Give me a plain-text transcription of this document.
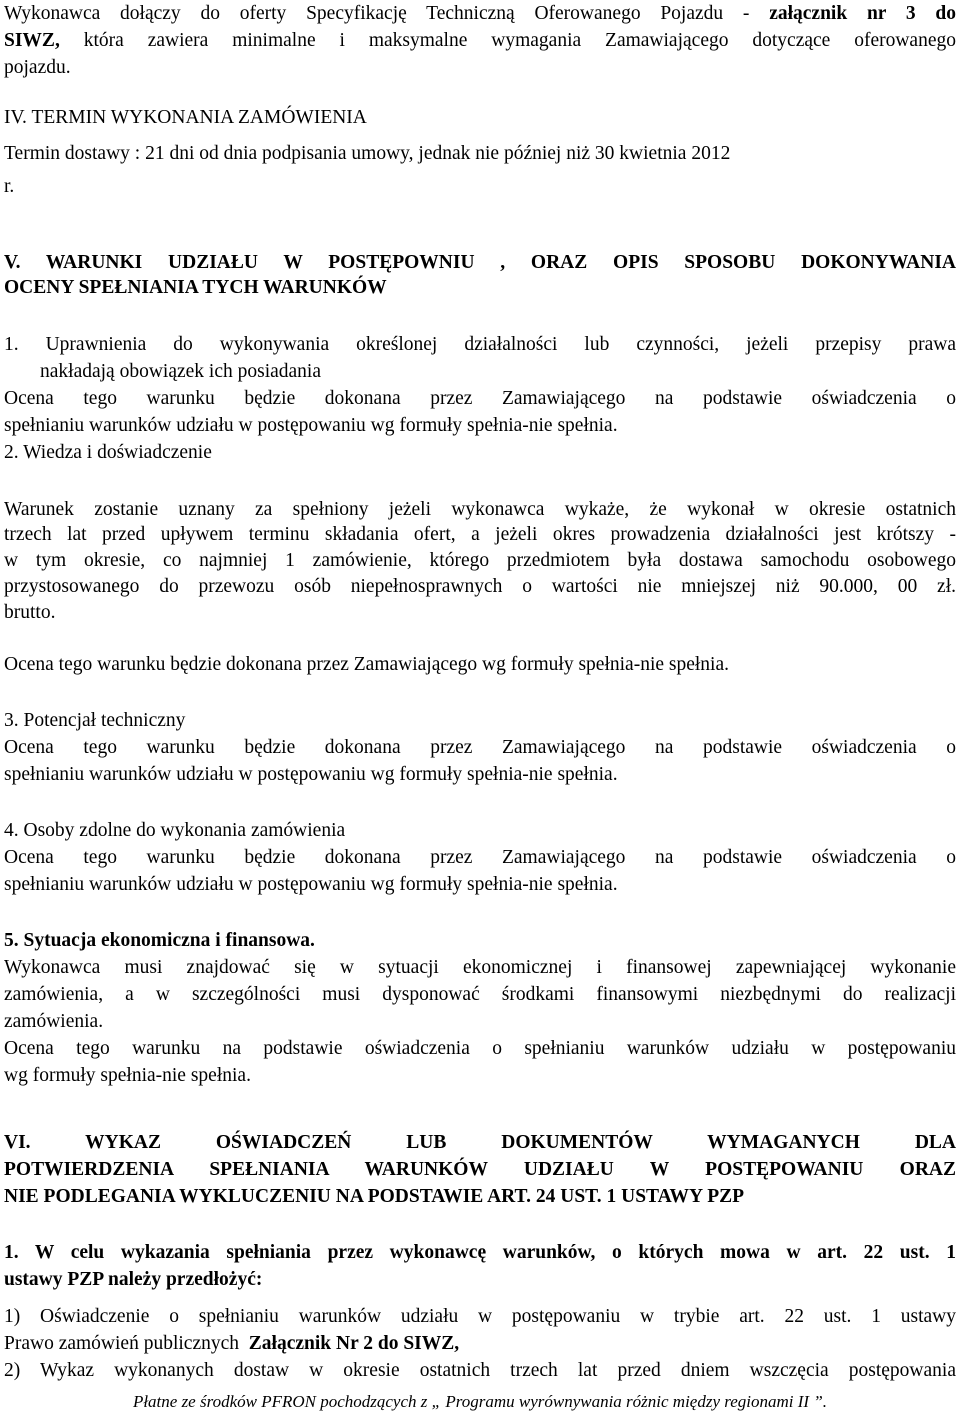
Wykonawca dołączy do oferty Specyfikację Techniczną Oferowanego Pojazdu - załącznik nr 3 do
SIWZ, która zawiera minimalne i maksymalne wymagania Zamawiającego dotyczące oferowanego
pojazdu.
IV. TERMIN WYKONANIA ZAMÓWIENIA
Termin dostawy : 21 dni od dnia podpisania umowy, jednak nie później niż 30 kwietnia 2012
r.
V. WARUNKI UDZIAŁU W POSTĘPOWNIU , ORAZ OPIS SPOSOBU DOKONYWANIA
OCENY SPEŁNIANIA TYCH WARUNKÓW
1. Uprawnienia do wykonywania określonej działalności lub czynności, jeżeli przepisy prawa
nakładają obowiązek ich posiadania
Ocena tego warunku będzie dokonana przez Zamawiającego na podstawie oświadczenia o
spełnianiu warunków udziału w postępowaniu wg formuły spełnia-nie spełnia.
2. Wiedza i doświadczenie
Warunek zostanie uznany za spełniony jeżeli wykonawca wykaże, że wykonał w okresie ostatnich
trzech lat przed upływem terminu składania ofert, a jeżeli okres prowadzenia działalności jest krótszy -
w tym okresie, co najmniej 1 zamówienie, którego przedmiotem była dostawa samochodu osobowego
przystosowanego do przewozu osób niepełnosprawnych o wartości nie mniejszej niż 90.000, 00 zł.
brutto.
Ocena tego warunku będzie dokonana przez Zamawiającego wg formuły spełnia-nie spełnia.
3. Potencjał techniczny
Ocena tego warunku będzie dokonana przez Zamawiającego na podstawie oświadczenia o
spełnianiu warunków udziału w postępowaniu wg formuły spełnia-nie spełnia.
4. Osoby zdolne do wykonania zamówienia
Ocena tego warunku będzie dokonana przez Zamawiającego na podstawie oświadczenia o
spełnianiu warunków udziału w postępowaniu wg formuły spełnia-nie spełnia.
5. Sytuacja ekonomiczna i finansowa.
Wykonawca musi znajdować się w sytuacji ekonomicznej i finansowej zapewniającej wykonanie
zamówienia, a w szczególności musi dysponować środkami finansowymi niezbędnymi do realizacji
zamówienia.
Ocena tego warunku na podstawie oświadczenia o spełnianiu warunków udziału w postępowaniu
wg formuły spełnia-nie spełnia.
VI. WYKAZ OŚWIADCZEŃ LUB DOKUMENTÓW WYMAGANYCH DLA
POTWIERDZENIA SPEŁNIANIA WARUNKÓW UDZIAŁU W POSTĘPOWANIU ORAZ
NIE PODLEGANIA WYKLUCZENIU NA PODSTAWIE ART. 24 UST. 1 USTAWY PZP
1. W celu wykazania spełniania przez wykonawcę warunków, o których mowa w art. 22 ust. 1
ustawy PZP należy przedłożyć:
1) Oświadczenie o spełnianiu warunków udziału w postępowaniu w trybie art. 22 ust. 1 ustawy
Prawo zamówień publicznych  Załącznik Nr 2 do SIWZ,
2) Wykaz wykonanych dostaw w okresie ostatnich trzech lat przed dniem wszczęcia postępowania
Płatne ze środków PFRON pochodzących z „ Programu wyrównywania różnic między regionami II ”.
